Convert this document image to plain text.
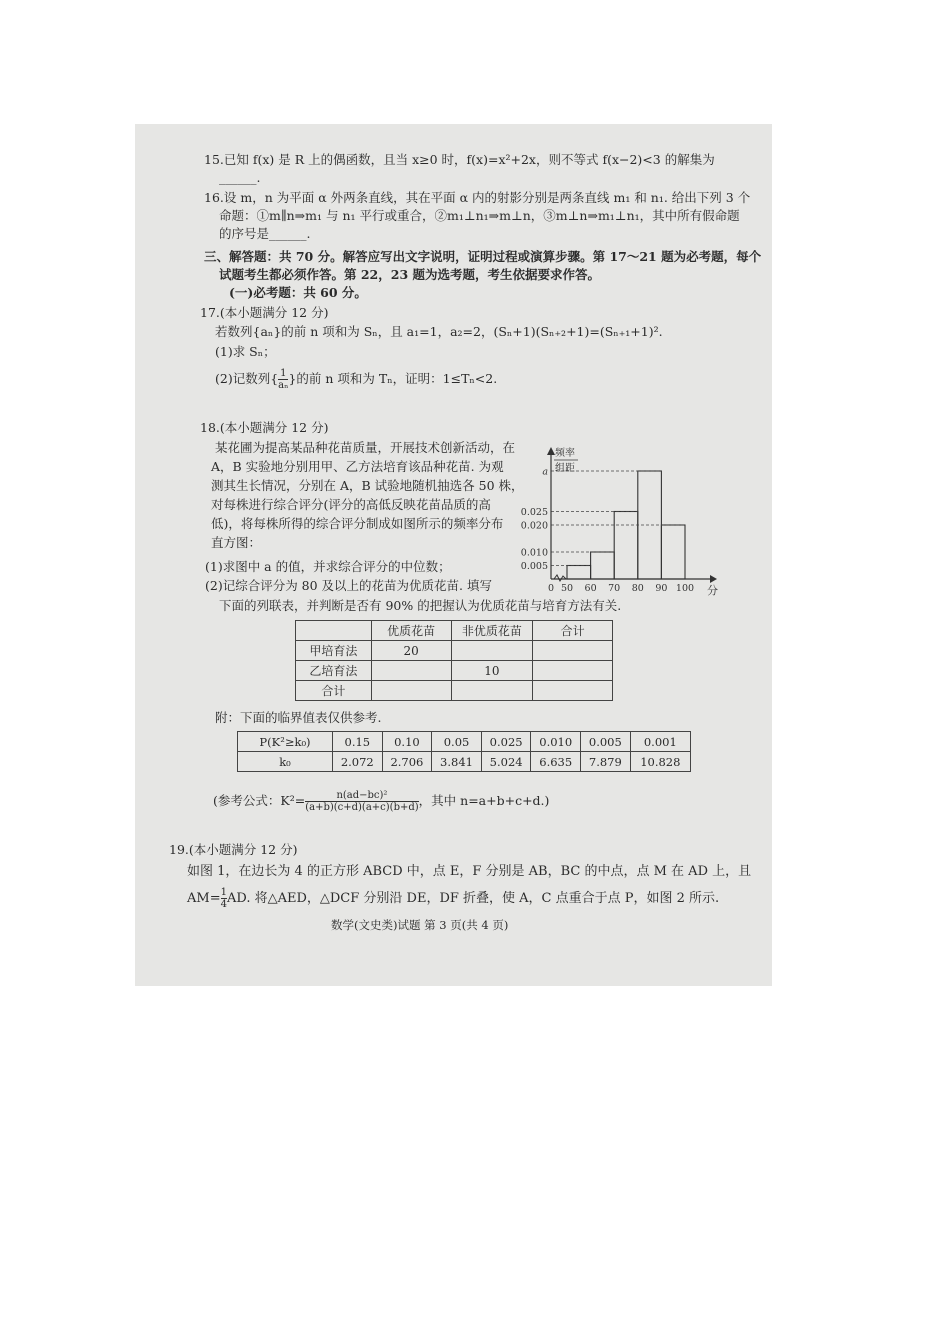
15.已知 f(x) 是 R 上的偶函数，且当 x≥0 时，f(x)=x²+2x，则不等式 f(x−2)<3 的解集为
______.
16.设 m，n 为平面 α 外两条直线，其在平面 α 内的射影分别是两条直线 m₁ 和 n₁. 给出下列 3 个
命题：①m∥n⇒m₁ 与 n₁ 平行或重合，②m₁⊥n₁⇒m⊥n，③m⊥n⇒m₁⊥n₁，其中所有假命题
的序号是______.
三、解答题：共 70 分。解答应写出文字说明，证明过程或演算步骤。第 17～21 题为必考题，每个
试题考生都必须作答。第 22，23 题为选考题，考生依据要求作答。
(一)必考题：共 60 分。
17.(本小题满分 12 分)
若数列{aₙ}的前 n 项和为 Sₙ，且 a₁=1，a₂=2，(Sₙ+1)(Sₙ₊₂+1)=(Sₙ₊₁+1)².
(1)求 Sₙ；
(2)记数列{ $\frac{1}{\text{aₙ}}$ }的前 n 项和为 Tₙ，证明：1≤Tₙ<2.
18.(本小题满分 12 分)
某花圃为提高某品种花苗质量，开展技术创新活动，在
A，B 实验地分别用甲、乙方法培育该品种花苗. 为观
测其生长情况，分别在 A，B 试验地随机抽选各 50 株，
对每株进行综合评分(评分的高低反映花苗品质的高
低)，将每株所得的综合评分制成如图所示的频率分布
直方图：
(1)求图中 a 的值，并求综合评分的中位数；
(2)记综合评分为 80 及以上的花苗为优质花苗. 填写
下面的列联表，并判断是否有 90% 的把握认为优质花苗与培育方法有关.
	优质花苗	非优质花苗	合计
甲培育法	20		
乙培育法		10	
合计			
附：下面的临界值表仅供参考.
P(K²≥k₀)	0.15	0.10	0.05	0.025	0.010	0.005	0.001
k₀	2.072	2.706	3.841	5.024	6.635	7.879	10.828
(参考公式：$K^2= \frac{\text{n(ad−bc)²}}{(a+b)(c+d)(a+c)(b+d)}$ ，其中 n=a+b+c+d.)
19.(本小题满分 12 分)
如图 1，在边长为 4 的正方形 ABCD 中，点 E，F 分别是 AB，BC 的中点，点 M 在 AD 上，且
$AM= \frac{1}{4}$ AD. 将△AED，△DCF 分别沿 DE，DF 折叠，使 A，C 点重合于点 P，如图 2 所示.
数学(文史类)试题 第 3 页(共 4 页)
频率
组距
分
a
0.025
0.020
0.010
0.005
0 50 60 70 80 90 100
